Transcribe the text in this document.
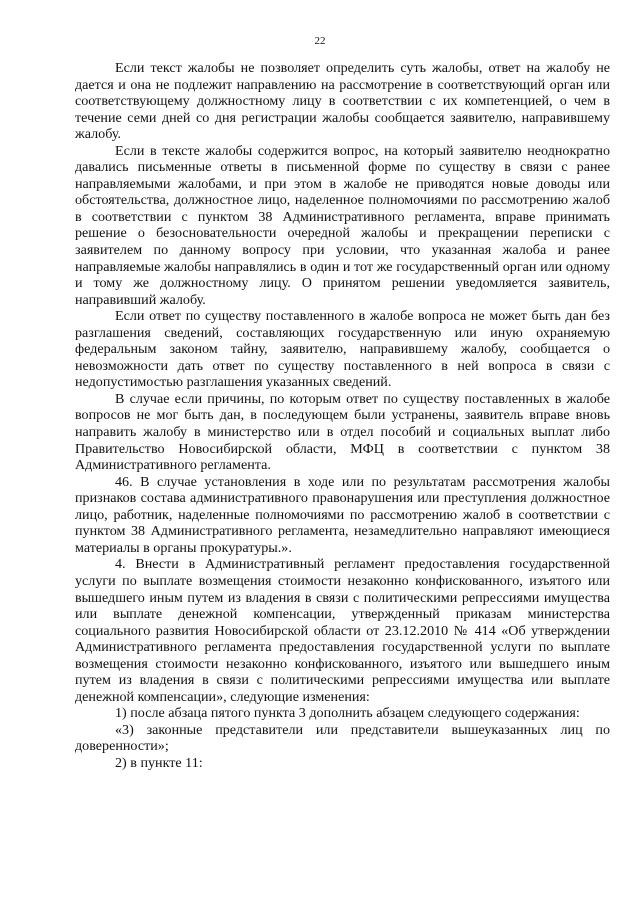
22

Если текст жалобы не позволяет определить суть жалобы, ответ на жалобу не дается и она не подлежит направлению на рассмотрение в соответствующий орган или соответствующему должностному лицу в соответствии с их компетенцией, о чем в течение семи дней со дня регистрации жалобы сообщается заявителю, направившему жалобу.

Если в тексте жалобы содержится вопрос, на который заявителю неоднократно давались письменные ответы в письменной форме по существу в связи с ранее направляемыми жалобами, и при этом в жалобе не приводятся новые доводы или обстоятельства, должностное лицо, наделенное полномочиями по рассмотрению жалоб в соответствии с пунктом 38 Административного регламента, вправе принимать решение о безосновательности очередной жалобы и прекращении переписки с заявителем по данному вопросу при условии, что указанная жалоба и ранее направляемые жалобы направлялись в один и тот же государственный орган или одному и тому же должностному лицу. О принятом решении уведомляется заявитель, направивший жалобу.

Если ответ по существу поставленного в жалобе вопроса не может быть дан без разглашения сведений, составляющих государственную или иную охраняемую федеральным законом тайну, заявителю, направившему жалобу, сообщается о невозможности дать ответ по существу поставленного в ней вопроса в связи с недопустимостью разглашения указанных сведений.

В случае если причины, по которым ответ по существу поставленных в жалобе вопросов не мог быть дан, в последующем были устранены, заявитель вправе вновь направить жалобу в министерство или в отдел пособий и социальных выплат либо Правительство Новосибирской области, МФЦ в соответствии с пунктом 38 Административного регламента.

46. В случае установления в ходе или по результатам рассмотрения жалобы признаков состава административного правонарушения или преступления должностное лицо, работник, наделенные полномочиями по рассмотрению жалоб в соответствии с пунктом 38 Административного регламента, незамедлительно направляют имеющиеся материалы в органы прокуратуры.».

4. Внести в Административный регламент предоставления государственной услуги по выплате возмещения стоимости незаконно конфискованного, изъятого или вышедшего иным путем из владения в связи с политическими репрессиями имущества или выплате денежной компенсации, утвержденный приказам министерства социального развития Новосибирской области от 23.12.2010 № 414 «Об утверждении Административного регламента предоставления государственной услуги по выплате возмещения стоимости незаконно конфискованного, изъятого или вышедшего иным путем из владения в связи с политическими репрессиями имущества или выплате денежной компенсации», следующие изменения:

1) после абзаца пятого пункта 3 дополнить абзацем следующего содержания:

«3) законные представители или представители вышеуказанных лиц по доверенности»;

2) в пункте 11:
